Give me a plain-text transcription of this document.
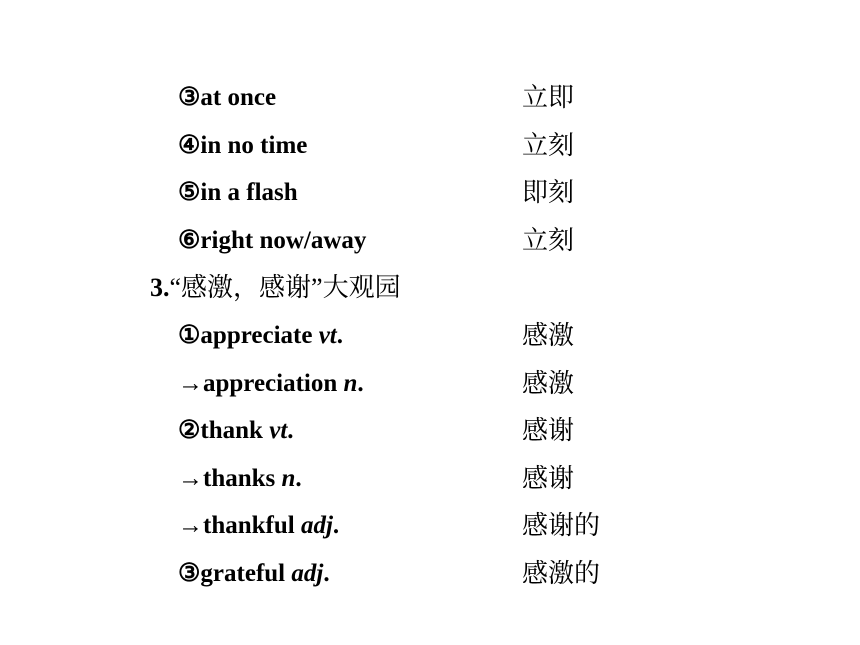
③at once	立即
④in no time	立刻
⑤in a flash	即刻
⑥right now/away	立刻
3.“感激，感谢”大观园
①appreciate vt.	感激
→appreciation n.	感激
②thank vt.	感谢
→thanks n.	感谢
→thankful adj.	感谢的
③grateful adj.	感激的
